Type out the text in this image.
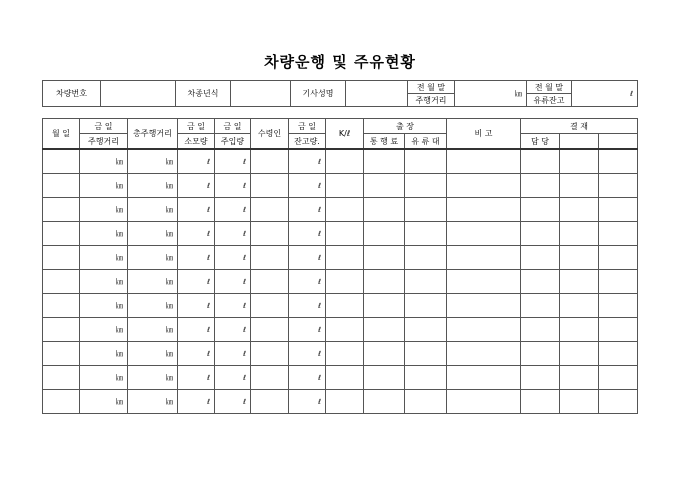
차량운행 및 주유현황
차량번호		차종년식		기사성명		전 월 말	㎞	전 월 말	ℓ
						주행거리		유류잔고	
월 일	금 일	총주행거리	금 일	금 일	수령인	금 일	K/ℓ	출 장		비 고	결 재		
	주행거리		소모량	주입량		잔고량.		통 행 료	유 류 대		담 당		
	㎞	㎞	ℓ	ℓ		ℓ							
	㎞	㎞	ℓ	ℓ		ℓ							
	㎞	㎞	ℓ	ℓ		ℓ							
	㎞	㎞	ℓ	ℓ		ℓ							
	㎞	㎞	ℓ	ℓ		ℓ							
	㎞	㎞	ℓ	ℓ		ℓ							
	㎞	㎞	ℓ	ℓ		ℓ							
	㎞	㎞	ℓ	ℓ		ℓ							
	㎞	㎞	ℓ	ℓ		ℓ							
	㎞	㎞	ℓ	ℓ		ℓ							
	㎞	㎞	ℓ	ℓ		ℓ							
